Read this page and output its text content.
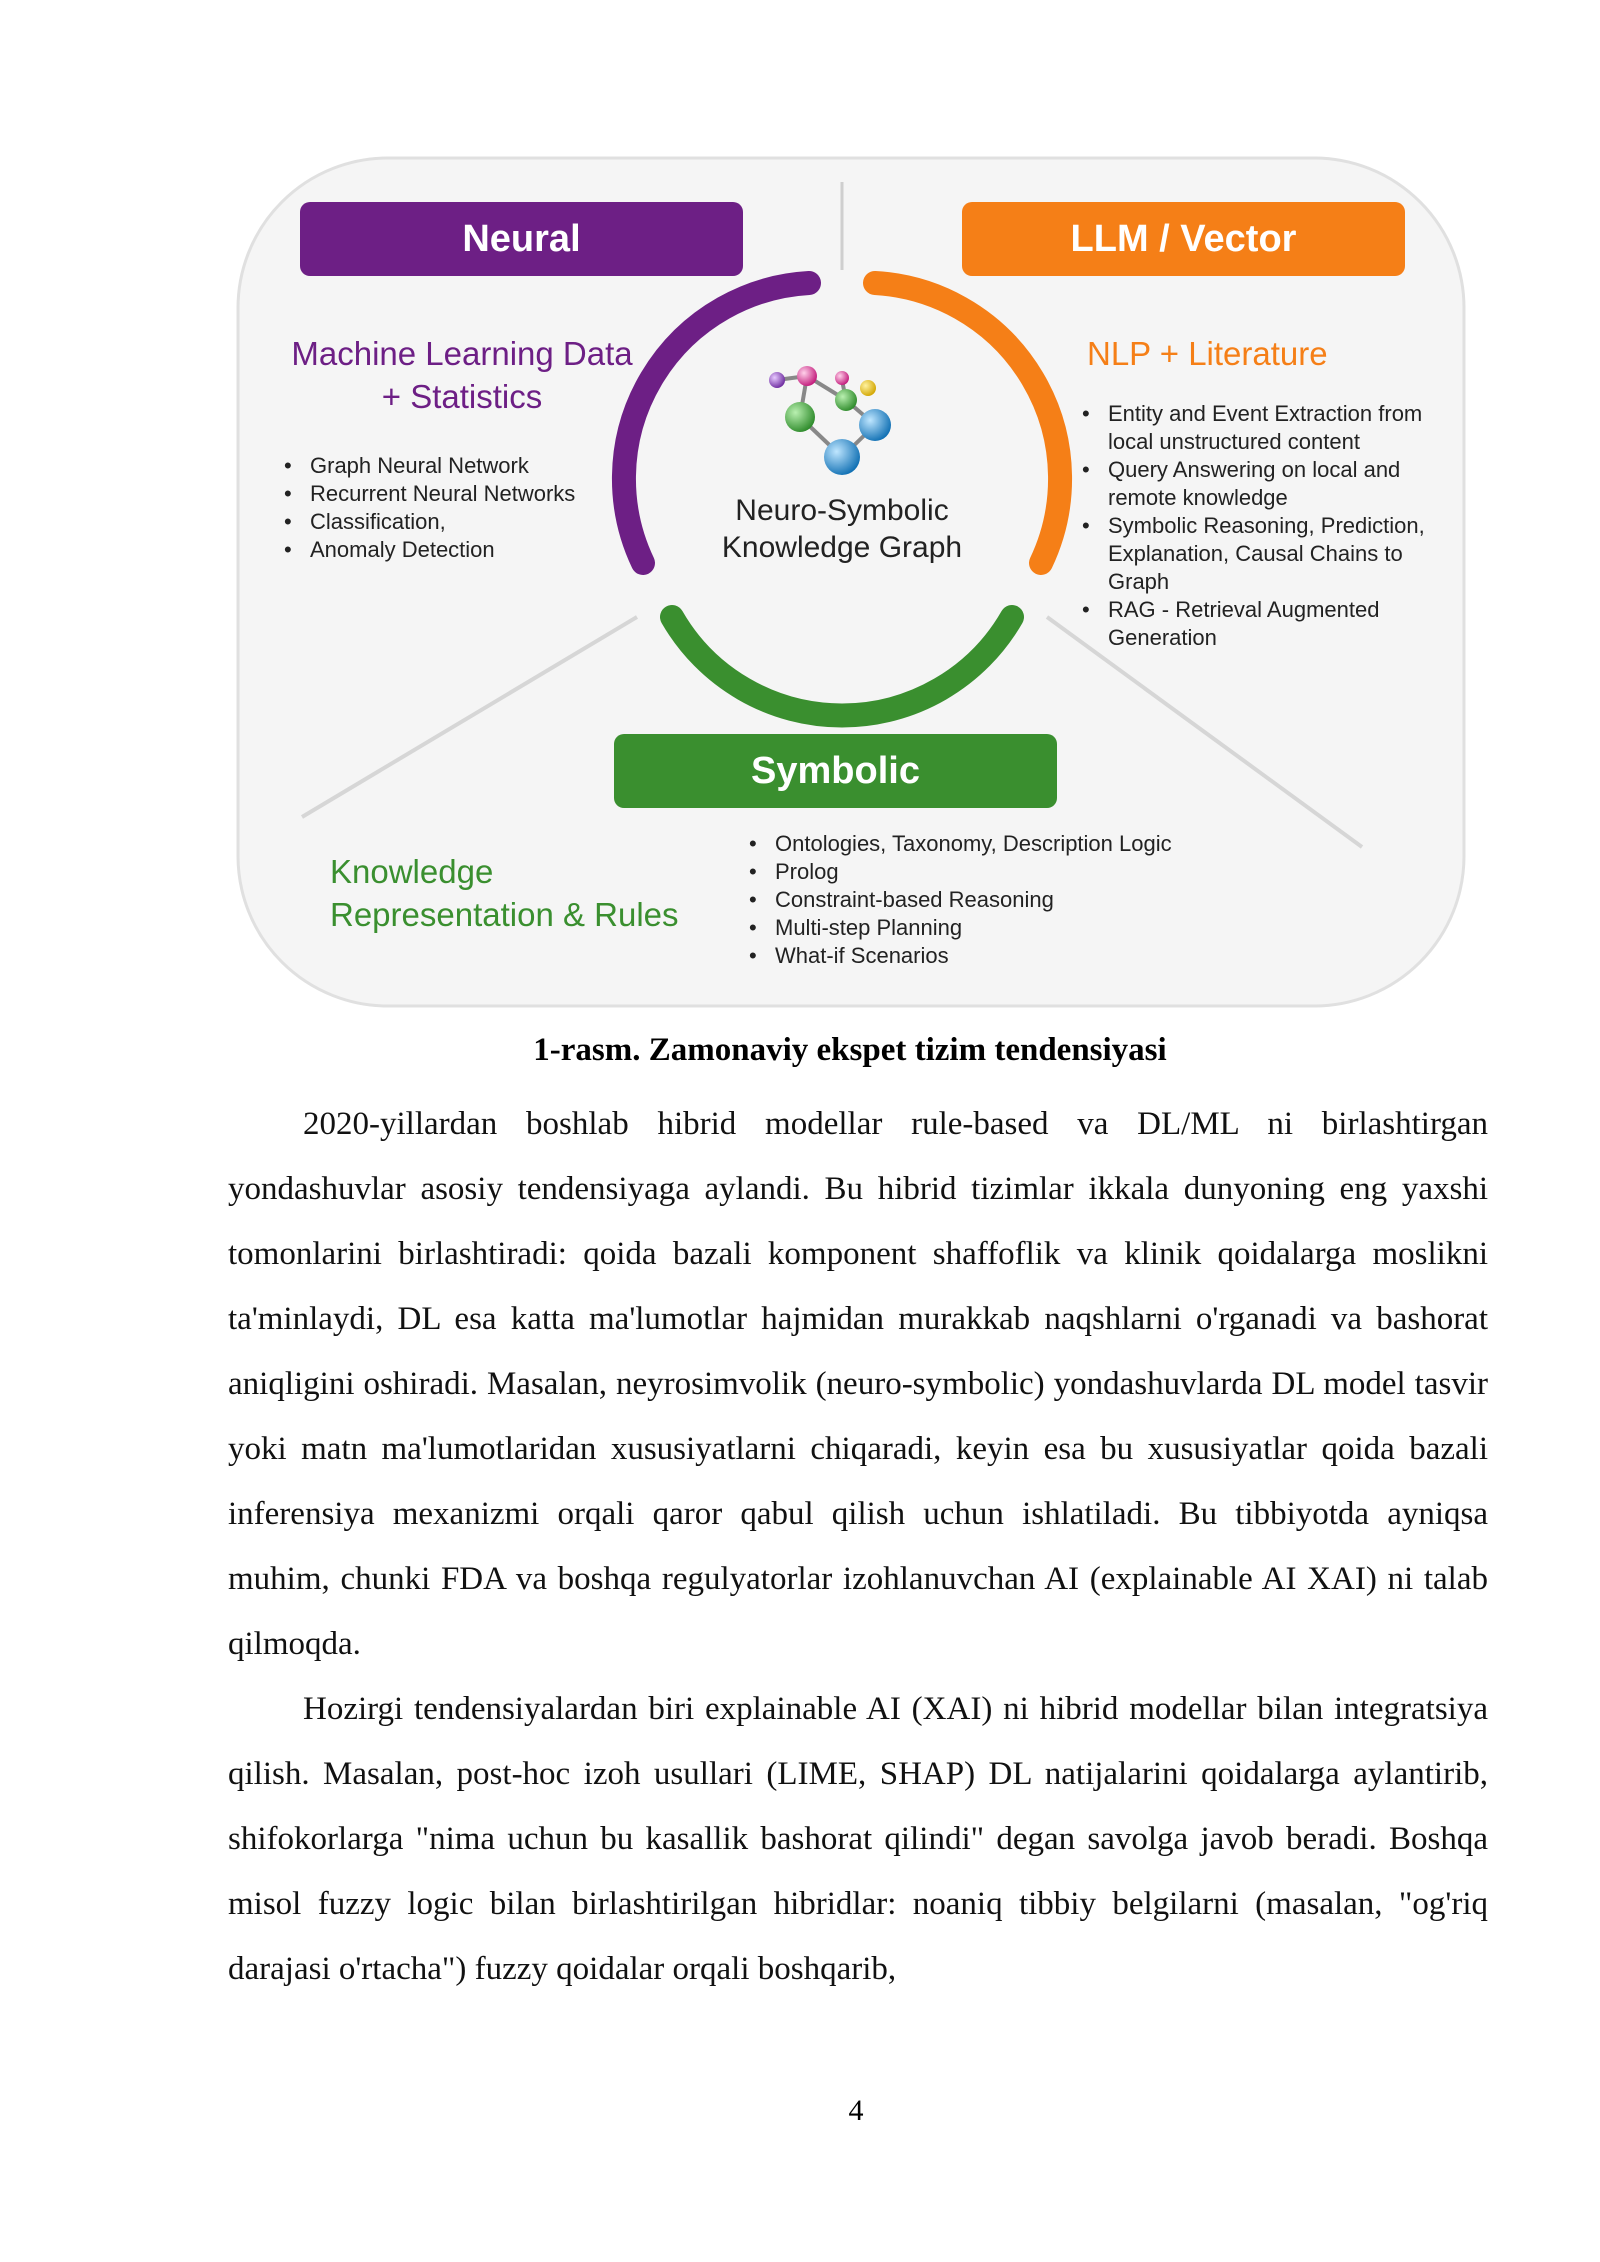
Neural
Machine Learning Data
+ Statistics
• Graph Neural Network
• Recurrent Neural Networks
• Classification,
• Anomaly Detection
LLM / Vector
NLP + Literature
• Entity and Event Extraction from local unstructured content
• Query Answering on local and remote knowledge
• Symbolic Reasoning, Prediction, Explanation, Causal Chains to Graph
• RAG - Retrieval Augmented Generation
Neuro-Symbolic
Knowledge Graph
Symbolic
Knowledge
Representation & Rules
• Ontologies, Taxonomy, Description Logic
• Prolog
• Constraint-based Reasoning
• Multi-step Planning
• What-if Scenarios
1-rasm. Zamonaviy ekspet tizim tendensiyasi

2020-yillardan boshlab hibrid modellar rule-based va DL/ML ni birlashtirgan yondashuvlar asosiy tendensiyaga aylandi. Bu hibrid tizimlar ikkala dunyoning eng yaxshi tomonlarini birlashtiradi: qoida bazali komponent shaffoflik va klinik qoidalarga moslikni ta'minlaydi, DL esa katta ma'lumotlar hajmidan murakkab naqshlarni o'rganadi va bashorat aniqligini oshiradi. Masalan, neyrosimvolik (neuro-symbolic) yondashuvlarda DL model tasvir yoki matn ma'lumotlaridan xususiyatlarni chiqaradi, keyin esa bu xususiyatlar qoida bazali inferensiya mexanizmi orqali qaror qabul qilish uchun ishlatiladi. Bu tibbiyotda ayniqsa muhim, chunki FDA va boshqa regulyatorlar izohlanuvchan AI (explainable AI XAI) ni talab qilmoqda.

Hozirgi tendensiyalardan biri explainable AI (XAI) ni hibrid modellar bilan integratsiya qilish. Masalan, post-hoc izoh usullari (LIME, SHAP) DL natijalarini qoidalarga aylantirib, shifokorlarga "nima uchun bu kasallik bashorat qilindi" degan savolga javob beradi. Boshqa misol fuzzy logic bilan birlashtirilgan hibridlar: noaniq tibbiy belgilarni (masalan, "og'riq darajasi o'rtacha") fuzzy qoidalar orqali boshqarib,

4
